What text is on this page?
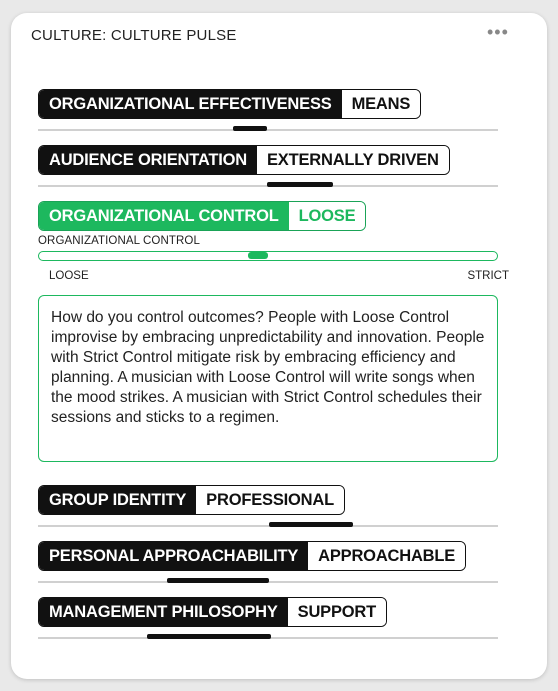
CULTURE: CULTURE PULSE	•••
ORGANIZATIONAL EFFECTIVENESS	MEANS
AUDIENCE ORIENTATION	EXTERNALLY DRIVEN
ORGANIZATIONAL CONTROL	LOOSE
ORGANIZATIONAL CONTROL
LOOSE	STRICT
How do you control outcomes? People with Loose Control improvise by embracing unpredictability and innovation. People with Strict Control mitigate risk by embracing efficiency and planning. A musician with Loose Control will write songs when the mood strikes. A musician with Strict Control schedules their sessions and sticks to a regimen.
GROUP IDENTITY	PROFESSIONAL
PERSONAL APPROACHABILITY	APPROACHABLE
MANAGEMENT PHILOSOPHY	SUPPORT
